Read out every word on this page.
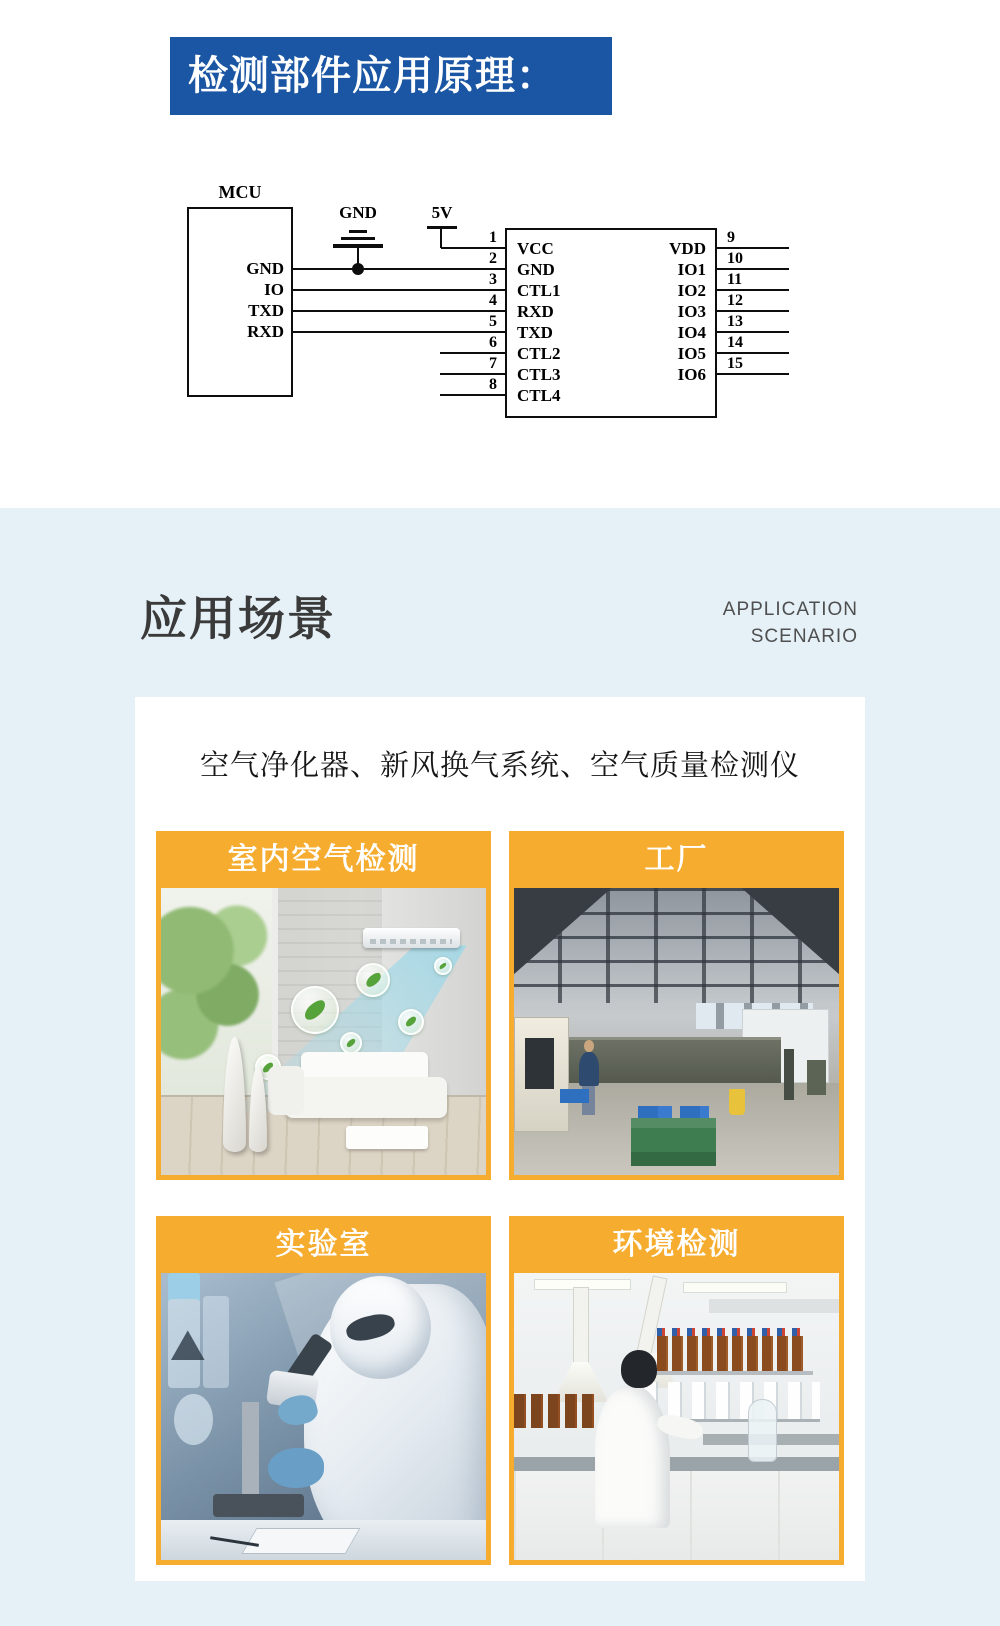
检测部件应用原理：
MCU
GND
IO
TXD
RXD
GND	5V
1
2
3
4
5
6
7
8
VCC
GND
CTL1
RXD
TXD
CTL2
CTL3
CTL4
VDD
IO1
IO2
IO3
IO4
IO5
IO6
9
10
11
12
13
14
15
应用场景	APPLICATION
SCENARIO
空气净化器、新风换气系统、空气质量检测仪
室内空气检测	工厂
实验室	环境检测
